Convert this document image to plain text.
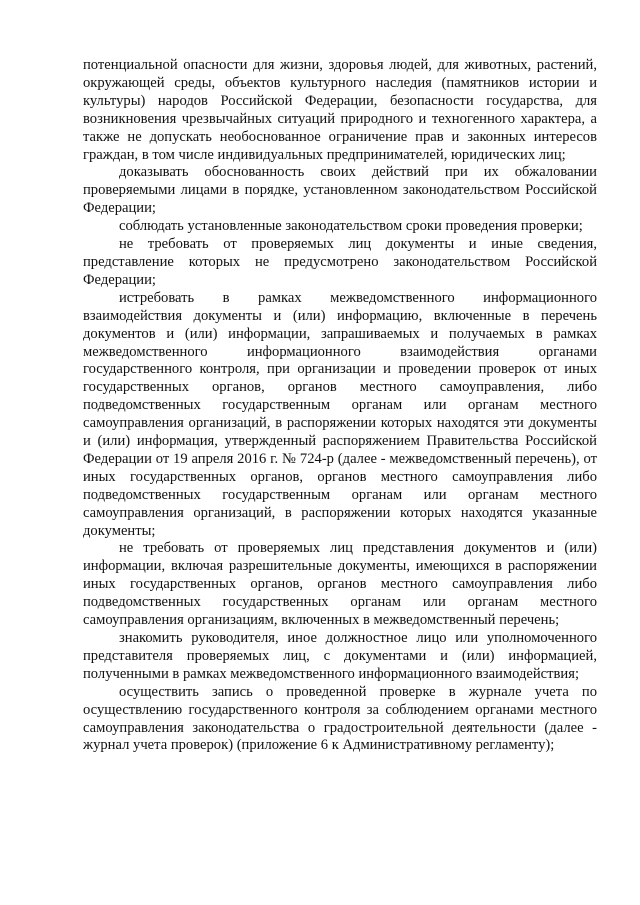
потенциальной опасности для жизни, здоровья людей, для животных, растений, окружающей среды, объектов культурного наследия (памятников истории и культуры) народов Российской Федерации, безопасности государства, для возникновения чрезвычайных ситуаций природного и техногенного характера, а также не допускать необоснованное ограничение прав и законных интересов граждан, в том числе индивидуальных предпринимателей, юридических лиц;

доказывать обоснованность своих действий при их обжаловании проверяемыми лицами в порядке, установленном законодательством Российской Федерации;

соблюдать установленные законодательством сроки проведения проверки;

не требовать от проверяемых лиц документы и иные сведения, представление которых не предусмотрено законодательством Российской Федерации;

истребовать в рамках межведомственного информационного взаимодействия документы и (или) информацию, включенные в перечень документов и (или) информации, запрашиваемых и получаемых в рамках межведомственного информационного взаимодействия органами государственного контроля, при организации и проведении проверок от иных государственных органов, органов местного самоуправления, либо подведомственных государственным органам или органам местного самоуправления организаций, в распоряжении которых находятся эти документы и (или) информация, утвержденный распоряжением Правительства Российской Федерации от 19 апреля 2016 г. № 724-р (далее - межведомственный перечень), от иных государственных органов, органов местного самоуправления либо подведомственных государственным органам или органам местного самоуправления организаций, в распоряжении которых находятся указанные документы;

не требовать от проверяемых лиц представления документов и (или) информации, включая разрешительные документы, имеющихся в распоряжении иных государственных органов, органов местного самоуправления либо подведомственных государственных органам или органам местного самоуправления организациям, включенных в межведомственный перечень;

знакомить руководителя, иное должностное лицо или уполномоченного представителя проверяемых лиц, с документами и (или) информацией, полученными в рамках межведомственного информационного взаимодействия;

осуществить запись о проведенной проверке в журнале учета по осуществлению государственного контроля за соблюдением органами местного самоуправления законодательства о градостроительной деятельности (далее - журнал учета проверок) (приложение 6 к Административному регламенту);
